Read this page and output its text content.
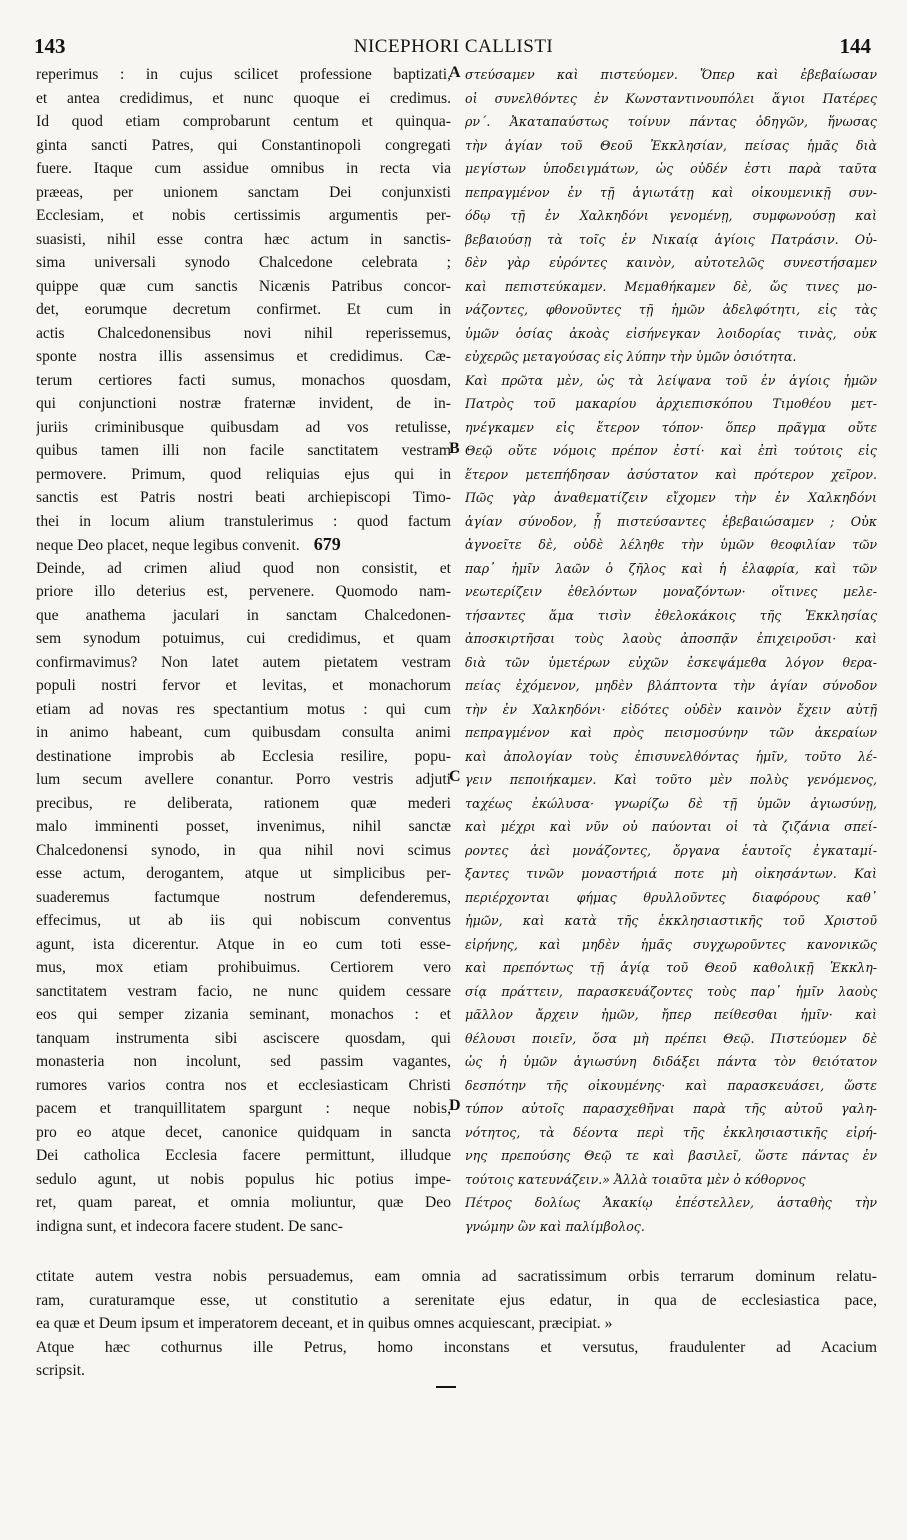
143	NICEPHORI CALLISTI	144
reperimus : in cujus scilicet professione baptizati,
et antea credidimus, et nunc quoque ei credimus.
Id quod etiam comprobarunt centum et quinqua-
ginta sancti Patres, qui Constantinopoli congregati
fuere. Itaque cum assidue omnibus in recta via
præeas, per unionem sanctam Dei conjunxisti
Ecclesiam, et nobis certissimis argumentis per-
suasisti, nihil esse contra hæc actum in sanctis-
sima universali synodo Chalcedone celebrata ;
quippe quæ cum sanctis Nicænis Patribus concor-
det, eorumque decretum confirmet. Et cum in
actis Chalcedonensibus novi nihil reperissemus,
sponte nostra illis assensimus et credidimus. Cæ-
terum certiores facti sumus, monachos quosdam,
qui conjunctioni nostræ fraternæ invident, de in-
juriis criminibusque quibusdam ad vos retulisse,
quibus tamen illi non facile sanctitatem vestram
permovere. Primum, quod reliquias ejus qui in
sanctis est Patris nostri beati archiepiscopi Timo-
thei in locum alium transtulerimus : quod factum
neque Deo placet, neque legibus convenit. 679
Deinde, ad crimen aliud quod non consistit, et
priore illo deterius est, pervenere. Quomodo nam-
que anathema jaculari in sanctam Chalcedonen-
sem synodum potuimus, cui credidimus, et quam
confirmavimus? Non latet autem pietatem vestram
populi nostri fervor et levitas, et monachorum
etiam ad novas res spectantium motus : qui cum
in animo habeant, cum quibusdam consulta animi
destinatione improbis ab Ecclesia resilire, popu-
lum secum avellere conantur. Porro vestris adjuti
precibus, re deliberata, rationem quæ mederi
malo imminenti posset, invenimus, nihil sanctæ
Chalcedonensi synodo, in qua nihil novi scimus
esse actum, derogantem, atque ut simplicibus per-
suaderemus factumque nostrum defenderemus,
effecimus, ut ab iis qui nobiscum conventus
agunt, ista dicerentur. Atque in eo cum toti esse-
mus, mox etiam prohibuimus. Certiorem vero
sanctitatem vestram facio, ne nunc quidem cessare
eos qui semper zizania seminant, monachos : et
tanquam instrumenta sibi asciscere quosdam, qui
monasteria non incolunt, sed passim vagantes,
rumores varios contra nos et ecclesiasticam Christi
pacem et tranquillitatem spargunt : neque nobis,
pro eo atque decet, canonice quidquam in sancta
Dei catholica Ecclesia facere permittunt, illudque
sedulo agunt, ut nobis populus hic potius impe-
ret, quam pareat, et omnia moliuntur, quæ Deo
indigna sunt, et indecora facere student. De sanc-
στεύσαμεν καὶ πιστεύομεν. Ὅπερ καὶ ἐβεβαίωσαν
οἱ συνελθόντες ἐν Κωνσταντινουπόλει ἅγιοι Πατέρες
ρν΄. Ἀκαταπαύστως τοίνυν πάντας ὁδηγῶν, ἥνωσας
τὴν ἁγίαν τοῦ Θεοῦ Ἐκκλησίαν, πείσας ἡμᾶς διὰ
μεγίστων ὑποδειγμάτων, ὡς οὐδέν ἐστι παρὰ ταῦτα
πεπραγμένον ἐν τῇ ἁγιωτάτῃ καὶ οἰκουμενικῇ συν-
όδῳ τῇ ἐν Χαλκηδόνι γενομένῃ, συμφωνούσῃ καὶ
βεβαιούσῃ τὰ τοῖς ἐν Νικαίᾳ ἁγίοις Πατράσιν. Οὐ-
δὲν γὰρ εὑρόντες καινὸν, αὐτοτελῶς συνεστήσαμεν
καὶ πεπιστεύκαμεν. Μεμαθήκαμεν δὲ, ὥς τινες μο-
νάζοντες, φθονοῦντες τῇ ἡμῶν ἀδελφότητι, εἰς τὰς
ὑμῶν ὁσίας ἀκοὰς εἰσήνεγκαν λοιδορίας τινὰς, οὐκ
εὐχερῶς μεταγούσας εἰς λύπην τὴν ὑμῶν ὁσιότητα.
Καὶ πρῶτα μὲν, ὡς τὰ λείψανα τοῦ ἐν ἁγίοις ἡμῶν
Πατρὸς τοῦ μακαρίου ἀρχιεπισκόπου Τιμοθέου μετ-
ηνέγκαμεν εἰς ἕτερον τόπον· ὅπερ πρᾶγμα οὔτε
Θεῷ οὔτε νόμοις πρέπον ἐστί· καὶ ἐπὶ τούτοις εἰς
ἕτερον μετεπήδησαν ἀσύστατον καὶ πρότερον χεῖρον.
Πῶς γὰρ ἀναθεματίζειν εἴχομεν τὴν ἐν Χαλκηδόνι
ἁγίαν σύνοδον, ᾗ πιστεύσαντες ἐβεβαιώσαμεν ; Οὐκ
ἀγνοεῖτε δὲ, οὐδὲ λέληθε τὴν ὑμῶν θεοφιλίαν τῶν
παρ᾽ ἡμῖν λαῶν ὁ ζῆλος καὶ ἡ ἐλαφρία, καὶ τῶν
νεωτερίζειν ἐθελόντων μοναζόντων· οἵτινες μελε-
τήσαντες ἅμα τισὶν ἐθελοκάκοις τῆς Ἐκκλησίας
ἀποσκιρτῆσαι τοὺς λαοὺς ἀποσπᾷν ἐπιχειροῦσι· καὶ
διὰ τῶν ὑμετέρων εὐχῶν ἐσκεψάμεθα λόγον θερα-
πείας ἐχόμενον, μηδὲν βλάπτοντα τὴν ἁγίαν σύνοδον
τὴν ἐν Χαλκηδόνι· εἰδότες οὐδὲν καινὸν ἔχειν αὐτῇ
πεπραγμένον καὶ πρὸς πεισμοσύνην τῶν ἀκεραίων
καὶ ἀπολογίαν τοὺς ἐπισυνελθόντας ἡμῖν, τοῦτο λέ-
γειν πεποιήκαμεν. Καὶ τοῦτο μὲν πολὺς γενόμενος,
ταχέως ἐκώλυσα· γνωρίζω δὲ τῇ ὑμῶν ἁγιωσύνῃ,
καὶ μέχρι καὶ νῦν οὐ παύονται οἱ τὰ ζιζάνια σπεί-
ροντες ἀεὶ μονάζοντες, ὄργανα ἑαυτοῖς ἐγκαταμί-
ξαντες τινῶν μοναστήριά ποτε μὴ οἰκησάντων. Καὶ
περιέρχονται φήμας θρυλλοῦντες διαφόρους καθ᾽
ἡμῶν, καὶ κατὰ τῆς ἐκκλησιαστικῆς τοῦ Χριστοῦ
εἰρήνης, καὶ μηδὲν ἡμᾶς συγχωροῦντες κανονικῶς
καὶ πρεπόντως τῇ ἁγίᾳ τοῦ Θεοῦ καθολικῇ Ἐκκλη-
σίᾳ πράττειν, παρασκευάζοντες τοὺς παρ᾽ ἡμῖν λαοὺς
μᾶλλον ἄρχειν ἡμῶν, ἤπερ πείθεσθαι ἡμῖν· καὶ
θέλουσι ποιεῖν, ὅσα μὴ πρέπει Θεῷ. Πιστεύομεν δὲ
ὡς ἡ ὑμῶν ἁγιωσύνη διδάξει πάντα τὸν θειότατον
δεσπότην τῆς οἰκουμένης· καὶ παρασκευάσει, ὥστε
τύπον αὐτοῖς παρασχεθῆναι παρὰ τῆς αὐτοῦ γαλη-
νότητος, τὰ δέοντα περὶ τῆς ἐκκλησιαστικῆς εἰρή-
νης πρεπούσης Θεῷ τε καὶ βασιλεῖ, ὥστε πάντας ἐν
τούτοις κατευνάζειν.» Ἀλλὰ τοιαῦτα μὲν ὁ κόθορνος
Πέτρος δολίως Ἀκακίῳ ἐπέστελλεν, ἀσταθὴς τὴν
γνώμην ὢν καὶ παλίμβολος.
A
B
C
D
ctitate autem vestra nobis persuademus, eam omnia ad sacratissimum orbis terrarum dominum relatu-
ram, curaturamque esse, ut constitutio a serenitate ejus edatur, in qua de ecclesiastica pace,
ea quæ et Deum ipsum et imperatorem deceant, et in quibus omnes acquiescant, præcipiat. »
Atque hæc cothurnus ille Petrus, homo inconstans et versutus, fraudulenter ad Acacium
scripsit.
